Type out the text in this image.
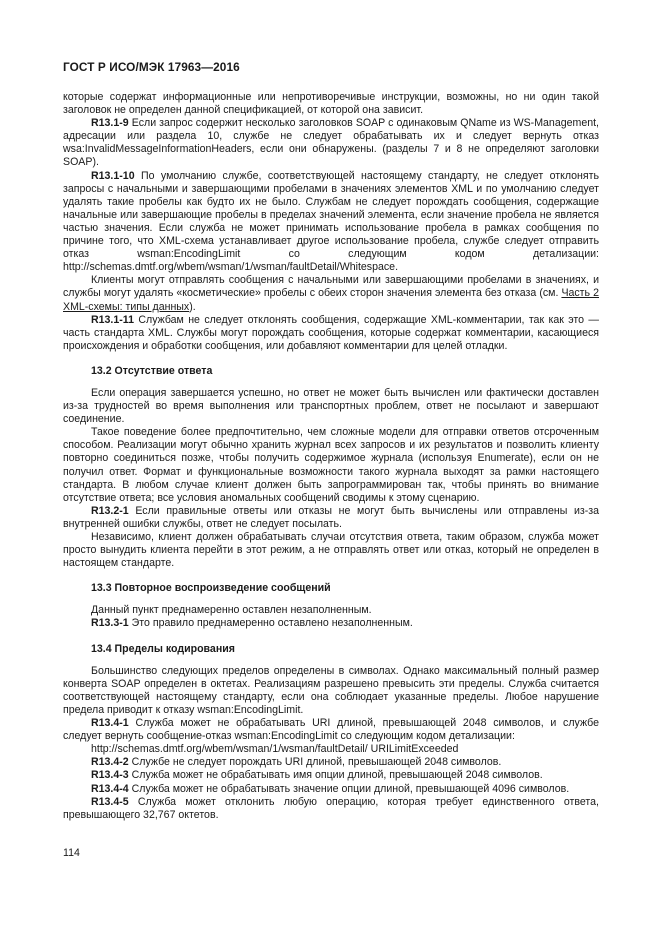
ГОСТ Р ИСО/МЭК 17963—2016

которые содержат информационные или непротиворечивые инструкции, возможны, но ни один такой заголовок не определен данной спецификацией, от которой она зависит.

R13.1-9 Если запрос содержит несколько заголовков SOAP с одинаковым QName из WS-Management, адресации или раздела 10, службе не следует обрабатывать их и следует вернуть отказ wsa:InvalidMessageInformationHeaders, если они обнаружены. (разделы 7 и 8 не определяют заголовки SOAP).

R13.1-10 По умолчанию службе, соответствующей настоящему стандарту, не следует отклонять запросы с начальными и завершающими пробелами в значениях элементов XML и по умолчанию следует удалять такие пробелы как будто их не было. Службам не следует порождать сообщения, содержащие начальные или завершающие пробелы в пределах значений элемента, если значение пробела не является частью значения. Если служба не может принимать использование пробела в рамках сообщения по причине того, что XML-схема устанавливает другое использование пробела, службе следует отправить отказ wsman:EncodingLimit со следующим кодом детализации: http://schemas.dmtf.org/wbem/wsman/1/wsman/faultDetail/Whitespace.

Клиенты могут отправлять сообщения с начальными или завершающими пробелами в значениях, и службы могут удалять «косметические» пробелы с обеих сторон значения элемента без отказа (см. Часть 2 XML-схемы: типы данных).

R13.1-11 Службам не следует отклонять сообщения, содержащие XML-комментарии, так как это — часть стандарта XML. Службы могут порождать сообщения, которые содержат комментарии, касающиеся происхождения и обработки сообщения, или добавляют комментарии для целей отладки.

13.2 Отсутствие ответа

Если операция завершается успешно, но ответ не может быть вычислен или фактически доставлен из-за трудностей во время выполнения или транспортных проблем, ответ не посылают и завершают соединение.

Такое поведение более предпочтительно, чем сложные модели для отправки ответов отсроченным способом. Реализации могут обычно хранить журнал всех запросов и их результатов и позволить клиенту повторно соединиться позже, чтобы получить содержимое журнала (используя Enumerate), если он не получил ответ. Формат и функциональные возможности такого журнала выходят за рамки настоящего стандарта. В любом случае клиент должен быть запрограммирован так, чтобы принять во внимание отсутствие ответа; все условия аномальных сообщений сводимы к этому сценарию.

R13.2-1 Если правильные ответы или отказы не могут быть вычислены или отправлены из-за внутренней ошибки службы, ответ не следует посылать.

Независимо, клиент должен обрабатывать случаи отсутствия ответа, таким образом, служба может просто вынудить клиента перейти в этот режим, а не отправлять ответ или отказ, который не определен в настоящем стандарте.

13.3 Повторное воспроизведение сообщений

Данный пункт преднамеренно оставлен незаполненным.

R13.3-1 Это правило преднамеренно оставлено незаполненным.

13.4 Пределы кодирования

Большинство следующих пределов определены в символах. Однако максимальный полный размер конверта SOAP определен в октетах. Реализациям разрешено превысить эти пределы. Служба считается соответствующей настоящему стандарту, если она соблюдает указанные пределы. Любое нарушение предела приводит к отказу wsman:EncodingLimit.

R13.4-1 Служба может не обрабатывать URI длиной, превышающей 2048 символов, и службе следует вернуть сообщение-отказ wsman:EncodingLimit со следующим кодом детализации:

http://schemas.dmtf.org/wbem/wsman/1/wsman/faultDetail/ URILimitExceeded

R13.4-2 Службе не следует порождать URI длиной, превышающей 2048 символов.

R13.4-3 Служба может не обрабатывать имя опции длиной, превышающей 2048 символов.

R13.4-4 Служба может не обрабатывать значение опции длиной, превышающей 4096 символов.

R13.4-5 Служба может отклонить любую операцию, которая требует единственного ответа, превышающего 32,767 октетов.

114
